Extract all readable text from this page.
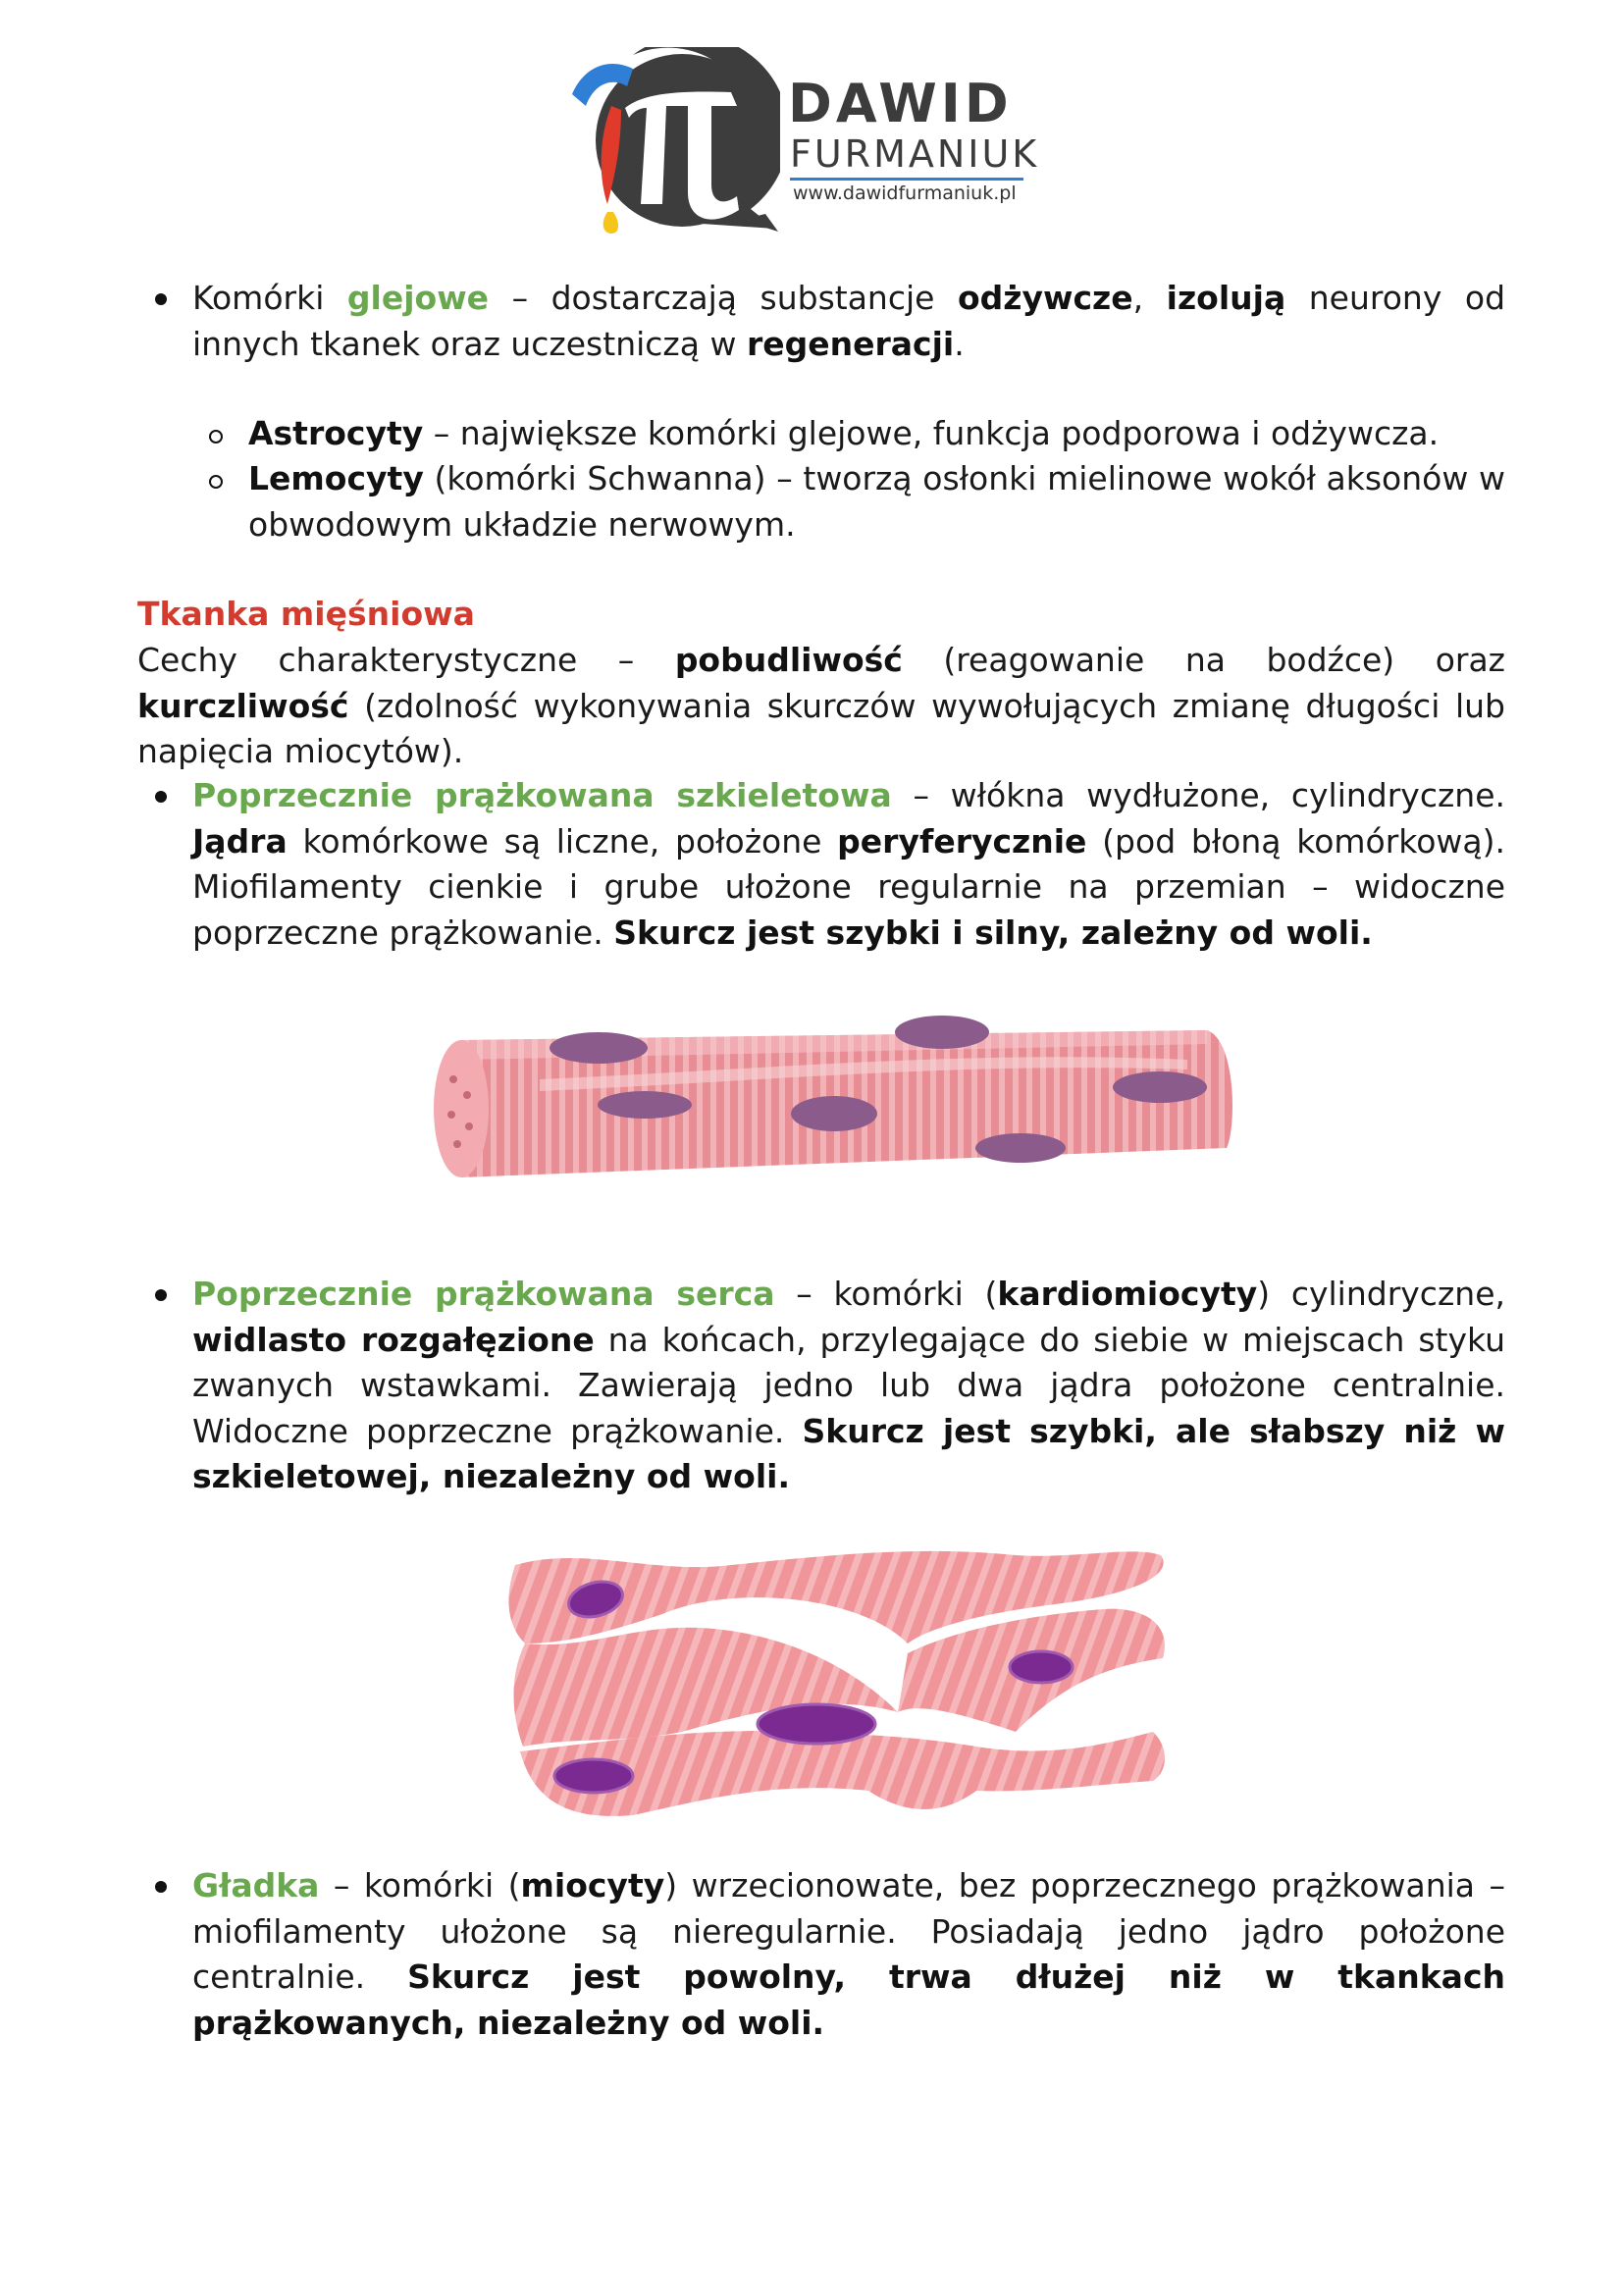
DAWID
FURMANIUK
www.dawidfurmaniuk.pl

Komórki glejowe – dostarczają substancje odżywcze, izolują neurony od innych tkanek oraz uczestniczą w regeneracji.

Astrocyty – największe komórki glejowe, funkcja podporowa i odżywcza.

Lemocyty (komórki Schwanna) – tworzą osłonki mielinowe wokół aksonów w obwodowym układzie nerwowym.

Tkanka mięśniowa

Cechy charakterystyczne – pobudliwość (reagowanie na bodźce) oraz kurczliwość (zdolność wykonywania skurczów wywołujących zmianę długości lub napięcia miocytów).

Poprzecznie prążkowana szkieletowa – włókna wydłużone, cylindryczne. Jądra komórkowe są liczne, położone peryferycznie (pod błoną komórkową). Miofilamenty cienkie i grube ułożone regularnie na przemian – widoczne poprzeczne prążkowanie. Skurcz jest szybki i silny, zależny od woli.

Poprzecznie prążkowana serca – komórki (kardiomiocyty) cylindryczne, widlasto rozgałęzione na końcach, przylegające do siebie w miejscach styku zwanych wstawkami. Zawierają jedno lub dwa jądra położone centralnie. Widoczne poprzeczne prążkowanie. Skurcz jest szybki, ale słabszy niż w szkieletowej, niezależny od woli.

Gładka – komórki (miocyty) wrzecionowate, bez poprzecznego prążkowania – miofilamenty ułożone są nieregularnie. Posiadają jedno jądro położone centralnie. Skurcz jest powolny, trwa dłużej niż w tkankach prążkowanych, niezależny od woli.
